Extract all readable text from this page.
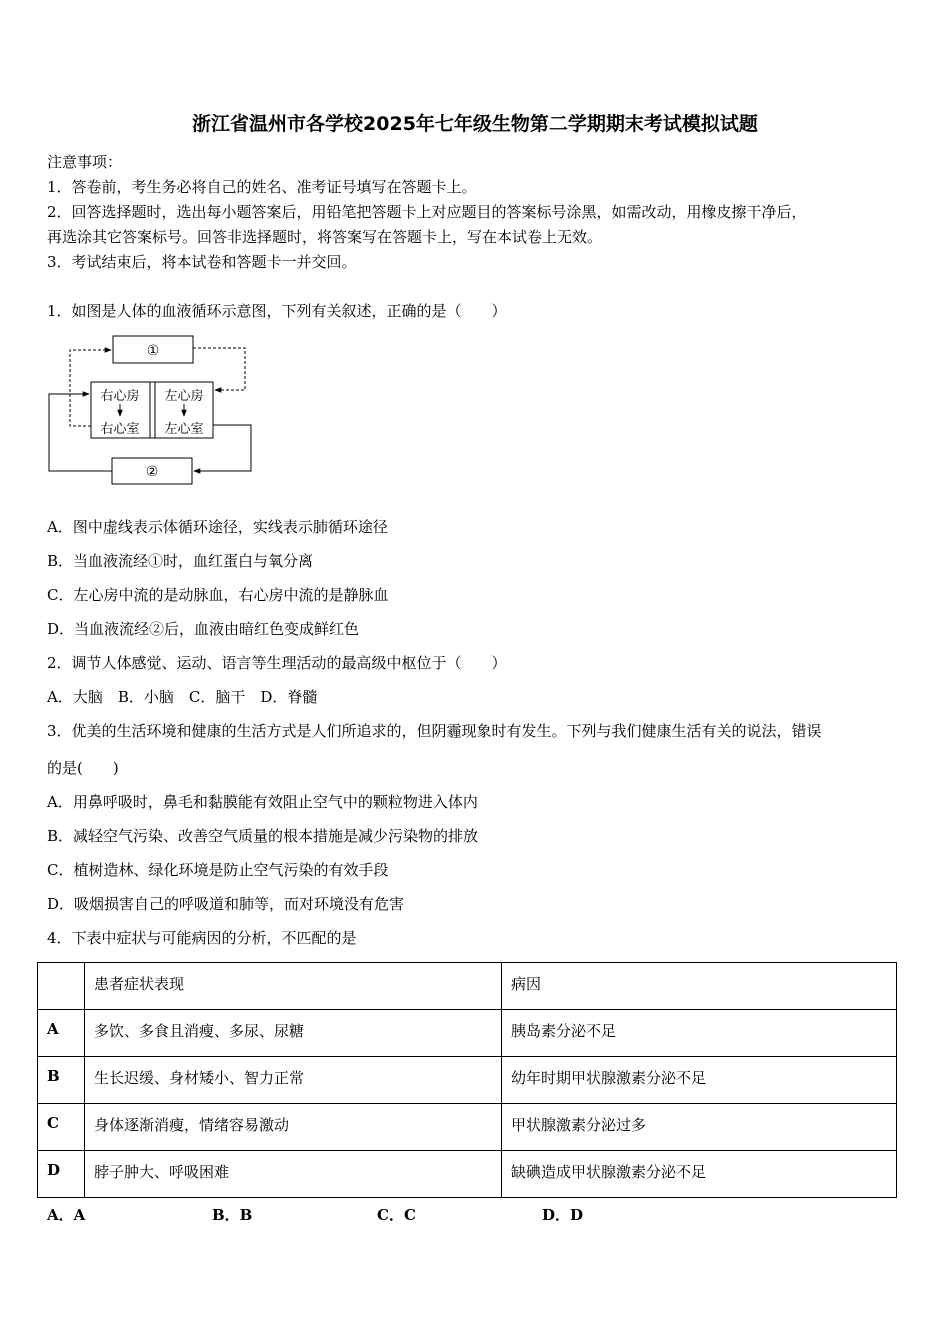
浙江省温州市各学校2025年七年级生物第二学期期末考试模拟试题
注意事项：
1．答卷前，考生务必将自己的姓名、准考证号填写在答题卡上。
2．回答选择题时，选出每小题答案后，用铅笔把答题卡上对应题目的答案标号涂黑，如需改动，用橡皮擦干净后，
再选涂其它答案标号。回答非选择题时，将答案写在答题卡上，写在本试卷上无效。
3．考试结束后，将本试卷和答题卡一并交回。
1．如图是人体的血液循环示意图，下列有关叙述，正确的是（　　）
①
右心房
右心室
左心房
左心室
②
A．图中虚线表示体循环途径，实线表示肺循环途径
B．当血液流经①时，血红蛋白与氧分离
C．左心房中流的是动脉血，右心房中流的是静脉血
D．当血液流经②后，血液由暗红色变成鲜红色
2．调节人体感觉、运动、语言等生理活动的最高级中枢位于（　　）
A．大脑　B．小脑　C．脑干　D．脊髓
3．优美的生活环境和健康的生活方式是人们所追求的，但阴霾现象时有发生。下列与我们健康生活有关的说法，错误
的是(　　)
A．用鼻呼吸时，鼻毛和黏膜能有效阻止空气中的颗粒物进入体内
B．减轻空气污染、改善空气质量的根本措施是减少污染物的排放
C．植树造林、绿化环境是防止空气污染的有效手段
D．吸烟损害自己的呼吸道和肺等，而对环境没有危害
4．下表中症状与可能病因的分析，不匹配的是
	患者症状表现	病因
A	多饮、多食且消瘦、多尿、尿糖	胰岛素分泌不足
B	生长迟缓、身材矮小、智力正常	幼年时期甲状腺激素分泌不足
C	身体逐渐消瘦，情绪容易激动	甲状腺激素分泌过多
D	脖子肿大、呼吸困难	缺碘造成甲状腺激素分泌不足
A．A	B．B	C．C	D．D
